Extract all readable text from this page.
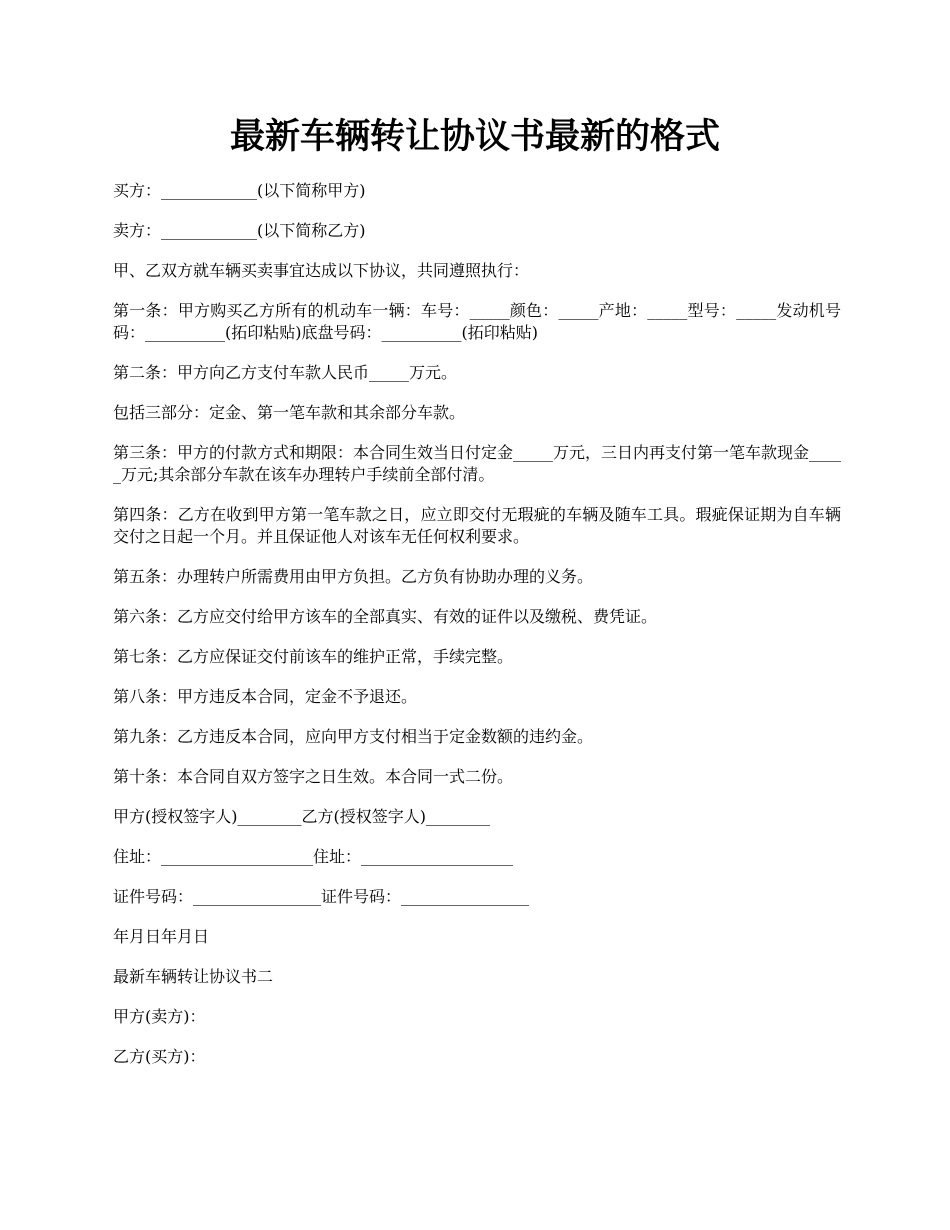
最新车辆转让协议书最新的格式

买方：____________(以下简称甲方)

卖方：____________(以下简称乙方)

甲、乙双方就车辆买卖事宜达成以下协议，共同遵照执行：

第一条：甲方购买乙方所有的机动车一辆：车号：_____颜色：_____产地：_____型号：_____发动机号码：__________(拓印粘贴)底盘号码：__________(拓印粘贴)

第二条：甲方向乙方支付车款人民币_____万元。

包括三部分：定金、第一笔车款和其余部分车款。

第三条：甲方的付款方式和期限：本合同生效当日付定金_____万元，三日内再支付第一笔车款现金_____万元;其余部分车款在该车办理转户手续前全部付清。

第四条：乙方在收到甲方第一笔车款之日，应立即交付无瑕疵的车辆及随车工具。瑕疵保证期为自车辆交付之日起一个月。并且保证他人对该车无任何权利要求。

第五条：办理转户所需费用由甲方负担。乙方负有协助办理的义务。

第六条：乙方应交付给甲方该车的全部真实、有效的证件以及缴税、费凭证。

第七条：乙方应保证交付前该车的维护正常，手续完整。

第八条：甲方违反本合同，定金不予退还。

第九条：乙方违反本合同，应向甲方支付相当于定金数额的违约金。

第十条：本合同自双方签字之日生效。本合同一式二份。

甲方(授权签字人)________乙方(授权签字人)________

住址：___________________住址：___________________

证件号码：________________证件号码：________________

年月日年月日

最新车辆转让协议书二

甲方(卖方)：

乙方(买方)：
